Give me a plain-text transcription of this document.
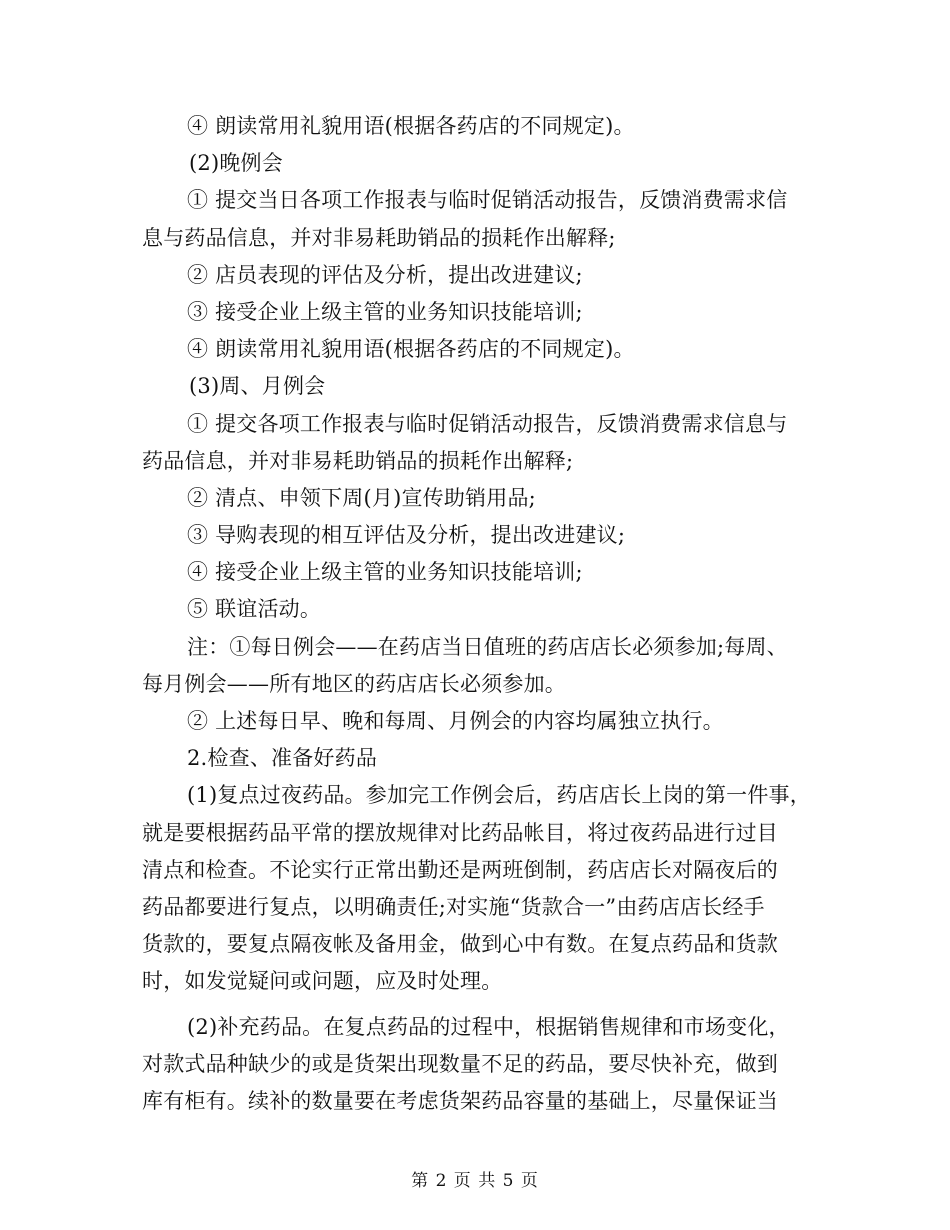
④ 朗读常用礼貌用语(根据各药店的不同规定)。
(2)晚例会
① 提交当日各项工作报表与临时促销活动报告，反馈消费需求信
息与药品信息，并对非易耗助销品的损耗作出解释;
② 店员表现的评估及分析，提出改进建议;
③ 接受企业上级主管的业务知识技能培训;
④ 朗读常用礼貌用语(根据各药店的不同规定)。
(3)周、月例会
① 提交各项工作报表与临时促销活动报告，反馈消费需求信息与
药品信息，并对非易耗助销品的损耗作出解释;
② 清点、申领下周(月)宣传助销用品;
③ 导购表现的相互评估及分析，提出改进建议;
④ 接受企业上级主管的业务知识技能培训;
⑤ 联谊活动。
注：①每日例会——在药店当日值班的药店店长必须参加;每周、
每月例会——所有地区的药店店长必须参加。
② 上述每日早、晚和每周、月例会的内容均属独立执行。
2.检查、准备好药品
(1)复点过夜药品。参加完工作例会后，药店店长上岗的第一件事，
就是要根据药品平常的摆放规律对比药品帐目，将过夜药品进行过目
清点和检查。不论实行正常出勤还是两班倒制，药店店长对隔夜后的
药品都要进行复点，以明确责任;对实施“货款合一”由药店店长经手
货款的，要复点隔夜帐及备用金，做到心中有数。在复点药品和货款
时，如发觉疑问或问题，应及时处理。
(2)补充药品。在复点药品的过程中，根据销售规律和市场变化，
对款式品种缺少的或是货架出现数量不足的药品，要尽快补充，做到
库有柜有。续补的数量要在考虑货架药品容量的基础上，尽量保证当
第 2 页 共 5 页
